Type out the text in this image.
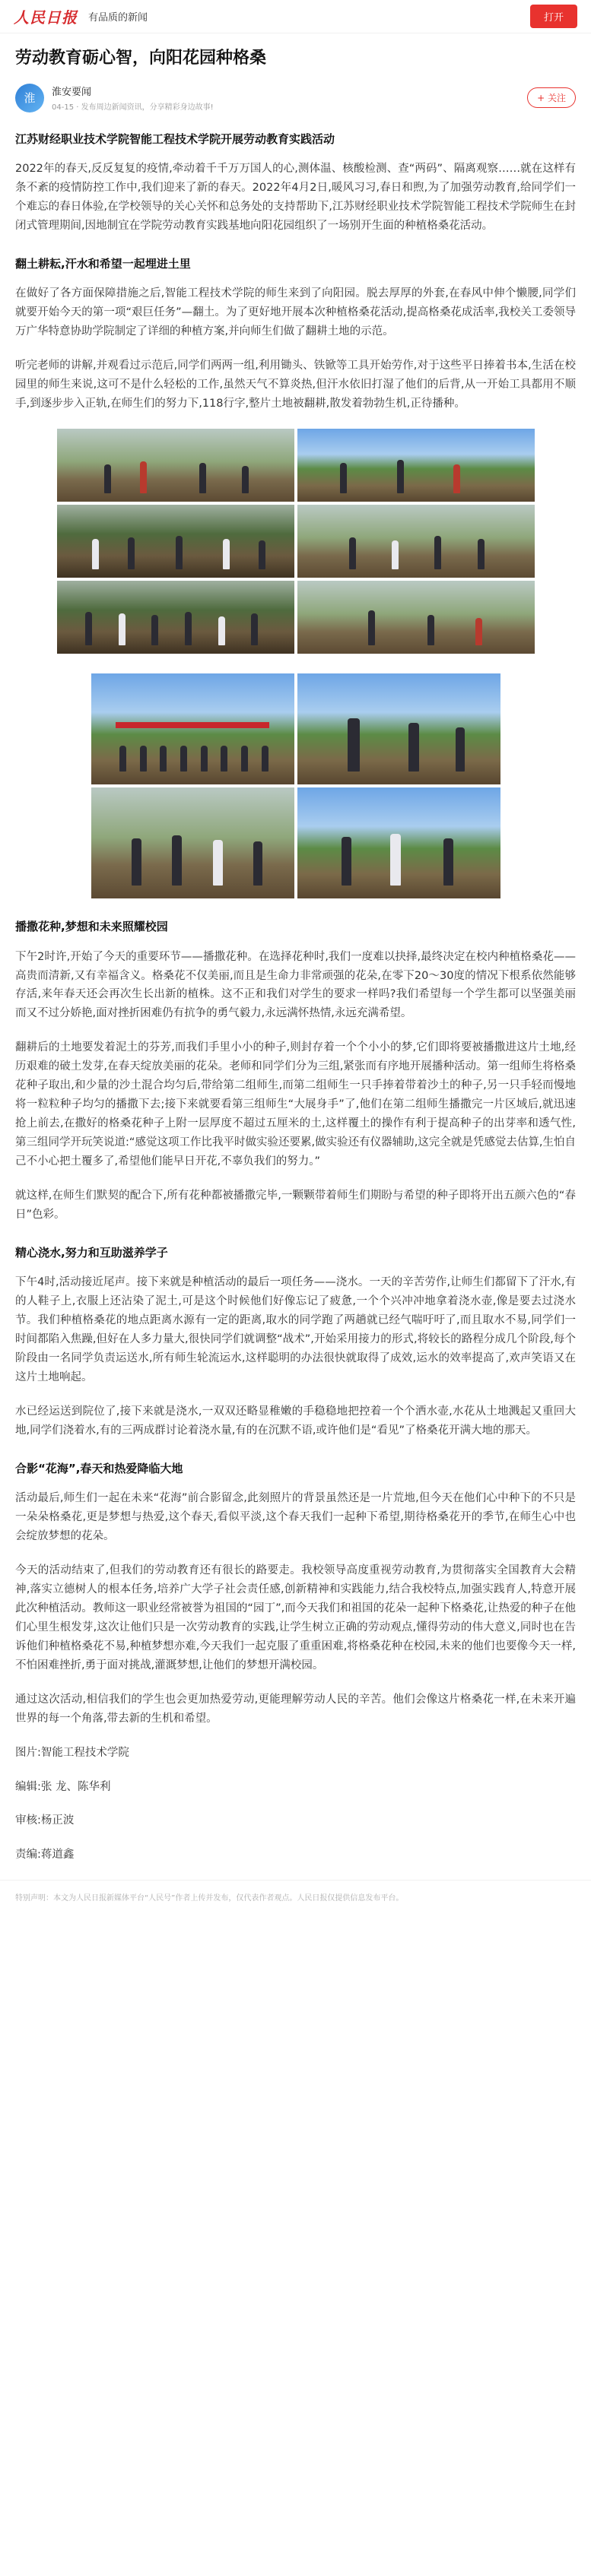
人民日报 有品质的新闻	打开
劳动教育砺心智，向阳花园种格桑
淮 淮安要闻
04-15 · 发布周边新闻资讯，分享精彩身边故事!
+ 关注
江苏财经职业技术学院智能工程技术学院开展劳动教育实践活动

2022年的春天,反反复复的疫情,牵动着千千万万国人的心,测体温、核酸检测、查“两码”、隔离观察……就在这样有条不紊的疫情防控工作中,我们迎来了新的春天。2022年4月2日,暖风习习,春日和煦,为了加强劳动教育,给同学们一个难忘的春日体验,在学校领导的关心关怀和总务处的支持帮助下,江苏财经职业技术学院智能工程技术学院师生在封闭式管理期间,因地制宜在学院劳动教育实践基地向阳花园组织了一场别开生面的种植格桑花活动。

翻土耕耘,汗水和希望一起埋进土里

在做好了各方面保障措施之后,智能工程技术学院的师生来到了向阳园。脱去厚厚的外套,在春风中伸个懒腰,同学们就要开始今天的第一项“艰巨任务”—翻土。为了更好地开展本次种植格桑花活动,提高格桑花成活率,我校关工委领导万广华特意协助学院制定了详细的种植方案,并向师生们做了翻耕土地的示范。

听完老师的讲解,并观看过示范后,同学们两两一组,利用锄头、铁锨等工具开始劳作,对于这些平日捧着书本,生活在校园里的师生来说,这可不是什么轻松的工作,虽然天气不算炎热,但汗水依旧打湿了他们的后背,从一开始工具都用不顺手,到逐步步入正轨,在师生们的努力下,118行字,整片土地被翻耕,散发着勃勃生机,正待播种。

播撒花种,梦想和未来照耀校园

下午2时许,开始了今天的重要环节——播撒花种。在选择花种时,我们一度难以抉择,最终决定在校内种植格桑花——高贵而清新,又有幸福含义。格桑花不仅美丽,而且是生命力非常顽强的花朵,在零下20～30度的情况下根系依然能够存活,来年春天还会再次生长出新的植株。这不正和我们对学生的要求一样吗?我们希望每一个学生都可以坚强美丽而又不过分娇艳,面对挫折困难仍有抗争的勇气毅力,永远满怀热情,永远充满希望。

翻耕后的土地要发着泥土的芬芳,而我们手里小小的种子,则封存着一个个小小的梦,它们即将要被播撒进这片土地,经历艰难的破土发芽,在春天绽放美丽的花朵。老师和同学们分为三组,紧张而有序地开展播种活动。第一组师生将格桑花种子取出,和少量的沙土混合均匀后,带给第二组师生,而第二组师生一只手捧着带着沙土的种子,另一只手轻而慢地将一粒粒种子均匀的播撒下去;接下来就要看第三组师生“大展身手”了,他们在第二组师生播撒完一片区域后,就迅速抢上前去,在撒好的格桑花种子上附一层厚度不超过五厘米的土,这样覆土的操作有利于提高种子的出芽率和透气性,第三组同学开玩笑说道:“感觉这项工作比我平时做实验还要累,做实验还有仪器辅助,这完全就是凭感觉去估算,生怕自己不小心把土覆多了,希望他们能早日开花,不辜负我们的努力。”

就这样,在师生们默契的配合下,所有花种都被播撒完毕,一颗颗带着师生们期盼与希望的种子即将开出五颜六色的“春日”色彩。

精心浇水,努力和互助滋养学子

下午4时,活动接近尾声。接下来就是种植活动的最后一项任务——浇水。一天的辛苦劳作,让师生们都留下了汗水,有的人鞋子上,衣服上还沾染了泥土,可是这个时候他们好像忘记了疲惫,一个个兴冲冲地拿着浇水壶,像是要去过浇水节。我们种植格桑花的地点距离水源有一定的距离,取水的同学跑了两趟就已经气喘吁吁了,而且取水不易,同学们一时间都陷入焦躁,但好在人多力量大,很快同学们就调整“战术”,开始采用接力的形式,将较长的路程分成几个阶段,每个阶段由一名同学负责运送水,所有师生轮流运水,这样聪明的办法很快就取得了成效,运水的效率提高了,欢声笑语又在这片土地响起。

水已经运送到院位了,接下来就是浇水,一双双还略显稚嫩的手稳稳地把控着一个个洒水壶,水花从土地溅起又重回大地,同学们浇着水,有的三两成群讨论着浇水量,有的在沉默不语,或许他们是“看见”了格桑花开满大地的那天。

合影“花海”,春天和热爱降临大地

活动最后,师生们一起在未来“花海”前合影留念,此刻照片的背景虽然还是一片荒地,但今天在他们心中种下的不只是一朵朵格桑花,更是梦想与热爱,这个春天,看似平淡,这个春天我们一起种下希望,期待格桑花开的季节,在师生心中也会绽放梦想的花朵。

今天的活动结束了,但我们的劳动教育还有很长的路要走。我校领导高度重视劳动教育,为贯彻落实全国教育大会精神,落实立德树人的根本任务,培养广大学子社会责任感,创新精神和实践能力,结合我校特点,加强实践育人,特意开展此次种植活动。教师这一职业经常被誉为祖国的“园丁”,而今天我们和祖国的花朵一起种下格桑花,让热爱的种子在他们心里生根发芽,这次让他们只是一次劳动教育的实践,让学生树立正确的劳动观点,懂得劳动的伟大意义,同时也在告诉他们种植格桑花不易,种植梦想亦难,今天我们一起克服了重重困难,将格桑花种在校园,未来的他们也要像今天一样,不怕困难挫折,勇于面对挑战,灌溉梦想,让他们的梦想开满校园。

通过这次活动,相信我们的学生也会更加热爱劳动,更能理解劳动人民的辛苦。他们会像这片格桑花一样,在未来开遍世界的每一个角落,带去新的生机和希望。

图片:智能工程技术学院

编辑:张 龙、陈华利

审核:杨正波

责编:蒋道鑫

特别声明：本文为人民日报新媒体平台“人民号”作者上传并发布，仅代表作者观点。人民日报仅提供信息发布平台。
